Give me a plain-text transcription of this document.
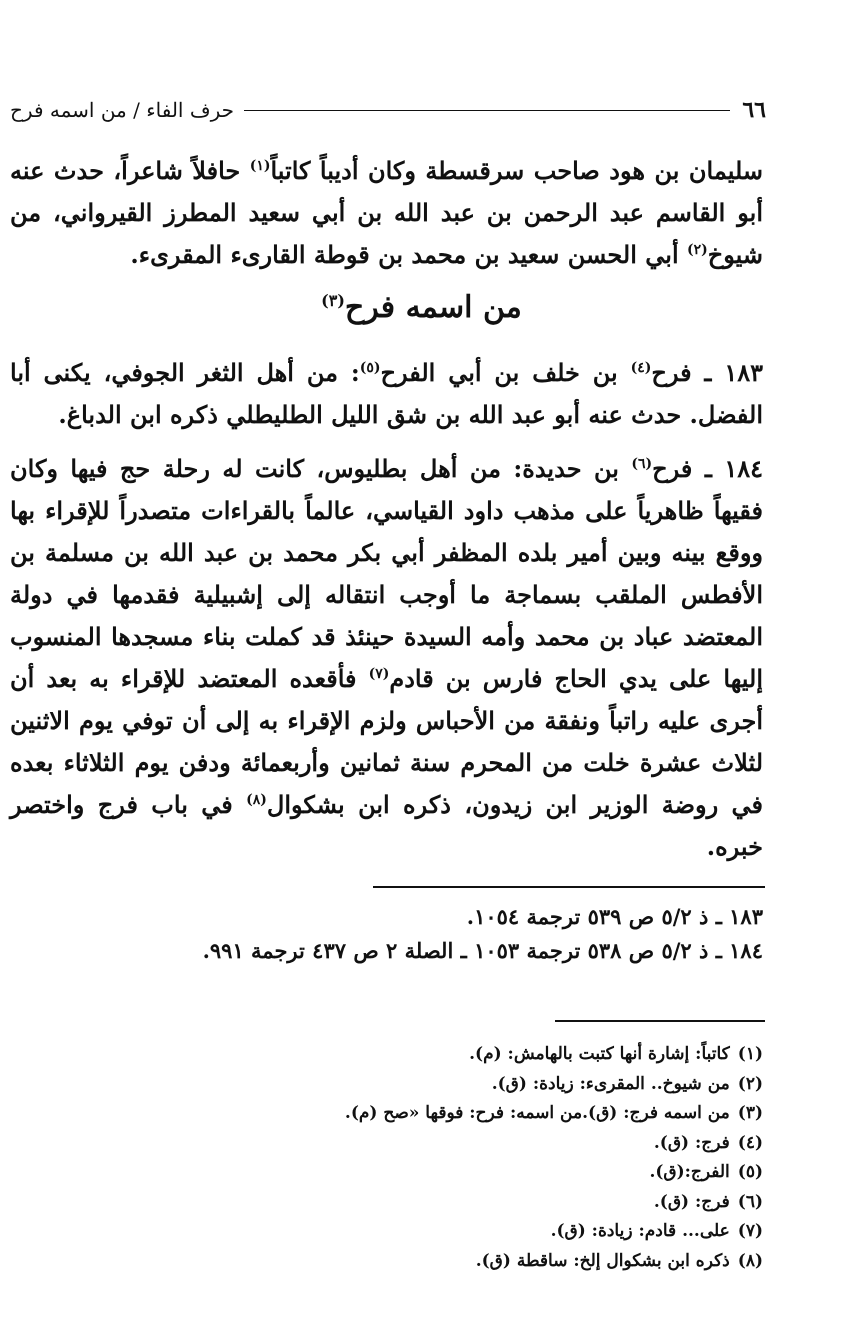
٦٦
حرف الفاء / من اسمه فرح
سليمان بن هود صاحب سرقسطة وكان أديباً كاتباً$^{(١)}$ حافلاً شاعراً، حدث عنه أبو القاسم عبد الرحمن بن عبد الله بن أبي سعيد المطرز القيرواني، من شيوخ$^{(٢)}$ أبي الحسن سعيد بن محمد بن قوطة القارىء المقرىء.
من اسمه فرح$^{(٣)}$
١٨٣ ـ فرح$^{(٤)}$ بن خلف بن أبي الفرح$^{(٥)}$: من أهل الثغر الجوفي، يكنى أبا الفضل. حدث عنه أبو عبد الله بن شق الليل الطليطلي ذكره ابن الدباغ.
١٨٤ ـ فرح$^{(٦)}$ بن حديدة: من أهل بطليوس، كانت له رحلة حج فيها وكان فقيهاً ظاهرياً على مذهب داود القياسي، عالماً بالقراءات متصدراً للإقراء بها ووقع بينه وبين أمير بلده المظفر أبي بكر محمد بن عبد الله بن مسلمة بن الأفطس الملقب بسماجة ما أوجب انتقاله إلى إشبيلية فقدمها في دولة المعتضد عباد بن محمد وأمه السيدة حينئذ قد كملت بناء مسجدها المنسوب إليها على يدي الحاج فارس بن قادم$^{(٧)}$ فأقعده المعتضد للإقراء به بعد أن أجرى عليه راتباً ونفقة من الأحباس ولزم الإقراء به إلى أن توفي يوم الاثنين لثلاث عشرة خلت من المحرم سنة ثمانين وأربعمائة ودفن يوم الثلاثاء بعده في روضة الوزير ابن زيدون، ذكره ابن بشكوال$^{(٨)}$ في باب فرج واختصر خبره.
١٨٣ ـ ذ ٥/٢ ص ٥٣٩ ترجمة ١٠٥٤.
١٨٤ ـ ذ ٥/٢ ص ٥٣٨ ترجمة ١٠٥٣ ـ الصلة ٢ ص ٤٣٧ ترجمة ٩٩١.
(١)كاتباً: إشارة أنها كتبت بالهامش: (م).
(٢)من شيوخ.. المقرىء: زيادة: (ق).
(٣)من اسمه فرج: (ق).من اسمه: فرح: فوقها «صح (م).
(٤)فرج: (ق).
(٥)الفرج:(ق).
(٦)فرج: (ق).
(٧)على... قادم: زيادة: (ق).
(٨)ذكره ابن بشكوال إلخ: ساقطة (ق).
